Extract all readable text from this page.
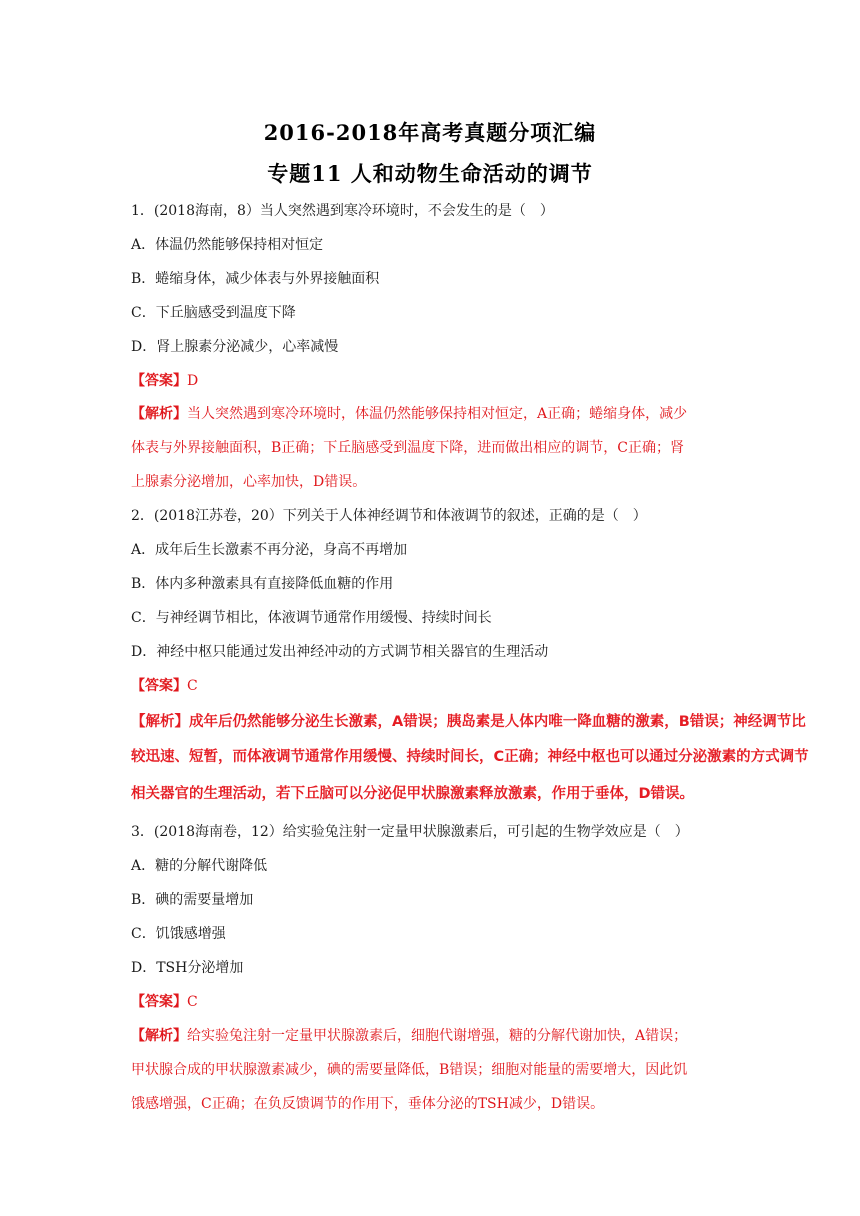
2016-2018年高考真题分项汇编
专题11 人和动物生命活动的调节
1．(2018海南，8）当人突然遇到寒冷环境时，不会发生的是（　）
A．体温仍然能够保持相对恒定
B．蜷缩身体，减少体表与外界接触面积
C．下丘脑感受到温度下降
D．肾上腺素分泌减少，心率减慢
【答案】D
【解析】当人突然遇到寒冷环境时，体温仍然能够保持相对恒定，A正确；蜷缩身体，减少
体表与外界接触面积，B正确；下丘脑感受到温度下降，进而做出相应的调节，C正确；肾
上腺素分泌增加，心率加快，D错误。
2．(2018江苏卷，20）下列关于人体神经调节和体液调节的叙述，正确的是（　）
A．成年后生长激素不再分泌，身高不再增加
B．体内多种激素具有直接降低血糖的作用
C．与神经调节相比，体液调节通常作用缓慢、持续时间长
D．神经中枢只能通过发出神经冲动的方式调节相关器官的生理活动
【答案】C
【解析】成年后仍然能够分泌生长激素，A错误；胰岛素是人体内唯一降血糖的激素，B错误；神经调节比
较迅速、短暂，而体液调节通常作用缓慢、持续时间长，C正确；神经中枢也可以通过分泌激素的方式调节
相关器官的生理活动，若下丘脑可以分泌促甲状腺激素释放激素，作用于垂体，D错误。
3．(2018海南卷，12）给实验兔注射一定量甲状腺激素后，可引起的生物学效应是（　）
A．糖的分解代谢降低
B．碘的需要量增加
C．饥饿感增强
D．TSH分泌增加
【答案】C
【解析】给实验兔注射一定量甲状腺激素后，细胞代谢增强，糖的分解代谢加快，A错误；
甲状腺合成的甲状腺激素减少，碘的需要量降低，B错误；细胞对能量的需要增大，因此饥
饿感增强，C正确；在负反馈调节的作用下，垂体分泌的TSH减少，D错误。
